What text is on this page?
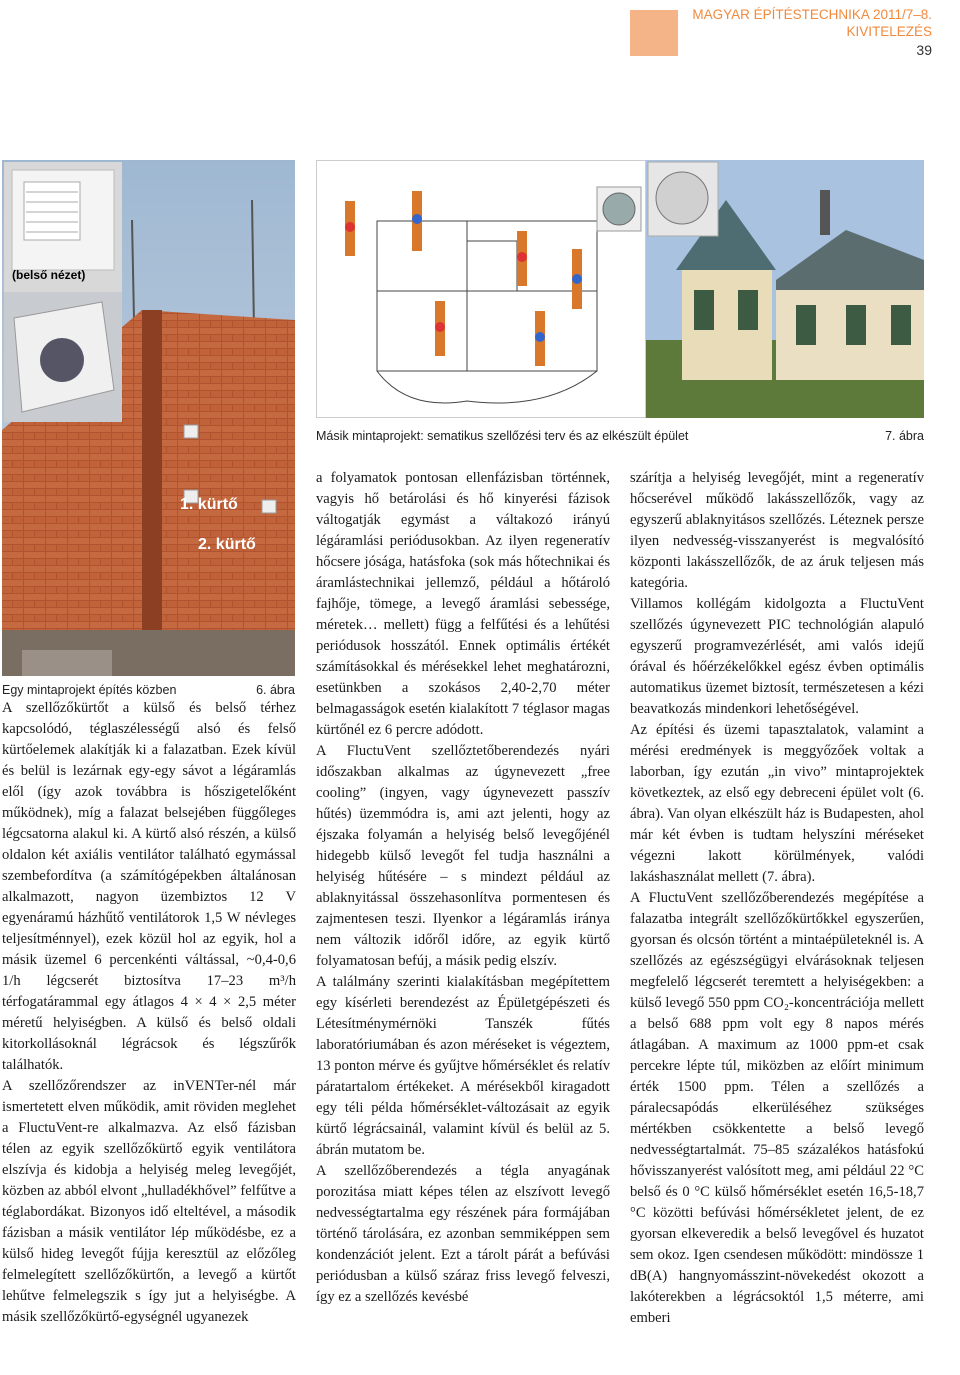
MAGYAR ÉPÍTÉSTECHNIKA 2011/7–8.
KIVITELEZÉS
39
(belső nézet)
1. kürtő
2. kürtő
Egy mintaprojekt építés közben	6. ábra
Másik mintaprojekt: sematikus szellőzési terv és az elkészült épület	7. ábra

A szellőzőkürtőt a külső és belső térhez kapcsolódó, téglaszélességű alsó és felső kürtőelemek alakítják ki a falazatban. Ezek kívül és belül is lezárnak egy-egy sávot a légáramlás elől (így azok továbbra is hőszigetelőként működnek), míg a falazat belsejében függőleges légcsatorna alakul ki. A kürtő alsó részén, a külső oldalon két axiális ventilátor található egymással szembefordítva (a számítógépekben általánosan alkalmazott, nagyon üzembiztos 12 V egyenáramú házhűtő ventilátorok 1,5 W névleges teljesítménnyel), ezek közül hol az egyik, hol a másik üzemel 6 percenkénti váltással, ~0,4-0,6 1/h légcserét biztosítva 17–23 m³/h térfogatárammal egy átlagos 4 × 4 × 2,5 méter méretű helyiségben. A külső és belső oldali kitorkollásoknál légrácsok és légszűrők találhatók.

A szellőzőrendszer az inVENTer-nél már ismertetett elven működik, amit röviden meglehet a FluctuVent-re alkalmazva. Az első fázisban télen az egyik szellőzőkürtő egyik ventilátora elszívja és kidobja a helyiség meleg levegőjét, közben az abból elvont „hulladékhővel” felfűtve a téglabordákat. Bizonyos idő elteltével, a második fázisban a másik ventilátor lép működésbe, ez a külső hideg levegőt fújja keresztül az előzőleg felmelegített szellőzőkürtőn, a levegő a kürtőt lehűtve felmelegszik s így jut a helyiségbe. A másik szellőzőkürtő-egységnél ugyanezek

a folyamatok pontosan ellenfázisban történnek, vagyis hő betárolási és hő kinyerési fázisok váltogatják egymást a váltakozó irányú légáramlási periódusokban. Az ilyen regeneratív hőcsere jósága, hatásfoka (sok más hőtechnikai és áramlástechnikai jellemző, például a hőtároló fajhője, tömege, a levegő áramlási sebessége, méretek… mellett) függ a felfűtési és a lehűtési periódusok hosszától. Ennek optimális értékét számításokkal és mérésekkel lehet meghatározni, esetünkben a szokásos 2,40-2,70 méter belmagasságok esetén kialakított 7 téglasor magas kürtőnél ez 6 percre adódott.

A FluctuVent szellőztetőberendezés nyári időszakban alkalmas az úgynevezett „free cooling” (ingyen, vagy úgynevezett passzív hűtés) üzemmódra is, ami azt jelenti, hogy az éjszaka folyamán a helyiség belső levegőjénél hidegebb külső levegőt fel tudja használni a helyiség hűtésére – s mindezt például az ablaknyitással összehasonlítva pormentesen és zajmentesen teszi. Ilyenkor a légáramlás iránya nem változik időről időre, az egyik kürtő folyamatosan befúj, a másik pedig elszív.

A találmány szerinti kialakításban megépítettem egy kísérleti berendezést az Épületgépészeti és Létesítménymérnöki Tanszék fűtés laboratóriumában és azon méréseket is végeztem, 13 ponton mérve és gyűjtve hőmérséklet és relatív páratartalom értékeket. A mérésekből kiragadott egy téli példa hőmérséklet-változásait az egyik kürtő légrácsainál, valamint kívül és belül az 5. ábrán mutatom be.

A szellőzőberendezés a tégla anyagának porozitása miatt képes télen az elszívott levegő nedvességtartalma egy részének pára formájában történő tárolására, ez azonban semmiképpen sem kondenzációt jelent. Ezt a tárolt párát a befúvási periódusban a külső száraz friss levegő felveszi, így ez a szellőzés kevésbé

szárítja a helyiség levegőjét, mint a regeneratív hőcserével működő lakásszellőzők, vagy az egyszerű ablaknyitásos szellőzés. Léteznek persze ilyen nedvesség-visszanyerést is megvalósító központi lakásszellőzők, de az áruk teljesen más kategória.

Villamos kollégám kidolgozta a FluctuVent szellőzés úgynevezett PIC technológián alapuló egyszerű programvezérlését, ami valós idejű órával és hőérzékelőkkel egész évben optimális automatikus üzemet biztosít, természetesen a kézi beavatkozás mindenkori lehetőségével.

Az építési és üzemi tapasztalatok, valamint a mérési eredmények is meggyőzőek voltak a laborban, így ezután „in vivo” mintaprojektek következtek, az első egy debreceni épület volt (6. ábra). Van olyan elkészült ház is Budapesten, ahol már két évben is tudtam helyszíni méréseket végezni lakott körülmények, valódi lakáshasználat mellett (7. ábra).

A FluctuVent szellőzőberendezés megépítése a falazatba integrált szellőzőkürtőkkel egyszerűen, gyorsan és olcsón történt a mintaépületeknél is. A szellőzés az egészségügyi elvárásoknak teljesen megfelelő légcserét teremtett a helyiségekben: a külső levegő 550 ppm CO₂-koncentrációja mellett a belső 688 ppm volt egy 8 napos mérés átlagában. A maximum az 1000 ppm-et csak percekre lépte túl, miközben az előírt minimum érték 1500 ppm. Télen a szellőzés a páralecsapódás elkerüléséhez szükséges mértékben csökkentette a belső levegő nedvességtartalmát. 75–85 százalékos hatásfokú hővisszanyerést valósított meg, ami például 22 °C belső és 0 °C külső hőmérséklet esetén 16,5-18,7 °C közötti befúvási hőmérsékletet jelent, de ez gyorsan elkeveredik a belső levegővel és huzatot sem okoz. Igen csendesen működött: mindössze 1 dB(A) hangnyomásszint-növekedést okozott a lakóterekben a légrácsoktól 1,5 méterre, ami emberi
